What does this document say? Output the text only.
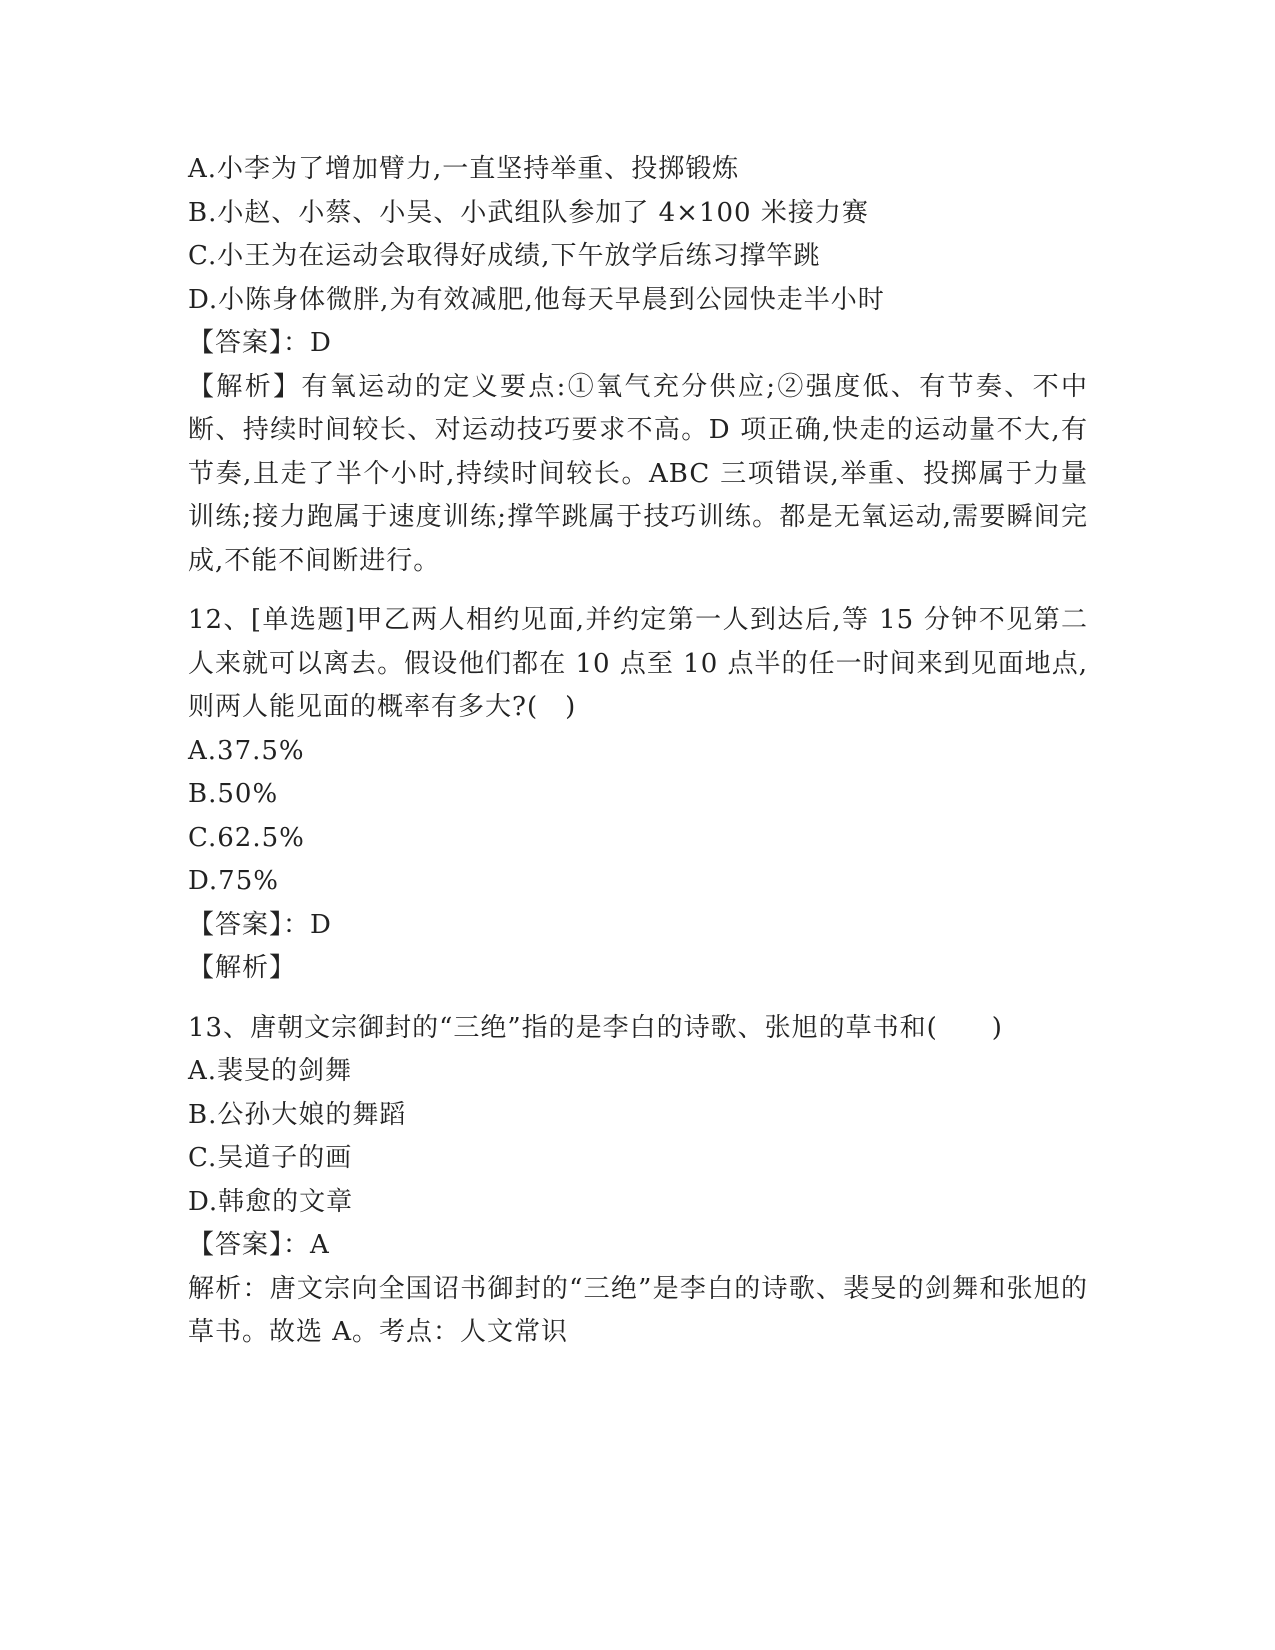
A.小李为了增加臂力,一直坚持举重、投掷锻炼

B.小赵、小蔡、小吴、小武组队参加了 4×100 米接力赛

C.小王为在运动会取得好成绩,下午放学后练习撑竿跳

D.小陈身体微胖,为有效减肥,他每天早晨到公园快走半小时

【答案】：D

【解析】有氧运动的定义要点:①氧气充分供应;②强度低、有节奏、不中断、持续时间较长、对运动技巧要求不高。D 项正确,快走的运动量不大,有节奏,且走了半个小时,持续时间较长。ABC 三项错误,举重、投掷属于力量训练;接力跑属于速度训练;撑竿跳属于技巧训练。都是无氧运动,需要瞬间完成,不能不间断进行。

12、[单选题]甲乙两人相约见面,并约定第一人到达后,等 15 分钟不见第二人来就可以离去。假设他们都在 10 点至 10 点半的任一时间来到见面地点,则两人能见面的概率有多大?(　)

A.37.5%

B.50%

C.62.5%

D.75%

【答案】：D

【解析】

13、唐朝文宗御封的“三绝”指的是李白的诗歌、张旭的草书和(　　)

A.裴旻的剑舞

B.公孙大娘的舞蹈

C.吴道子的画

D.韩愈的文章

【答案】：A

解析：唐文宗向全国诏书御封的“三绝”是李白的诗歌、裴旻的剑舞和张旭的草书。故选 A。考点：人文常识
